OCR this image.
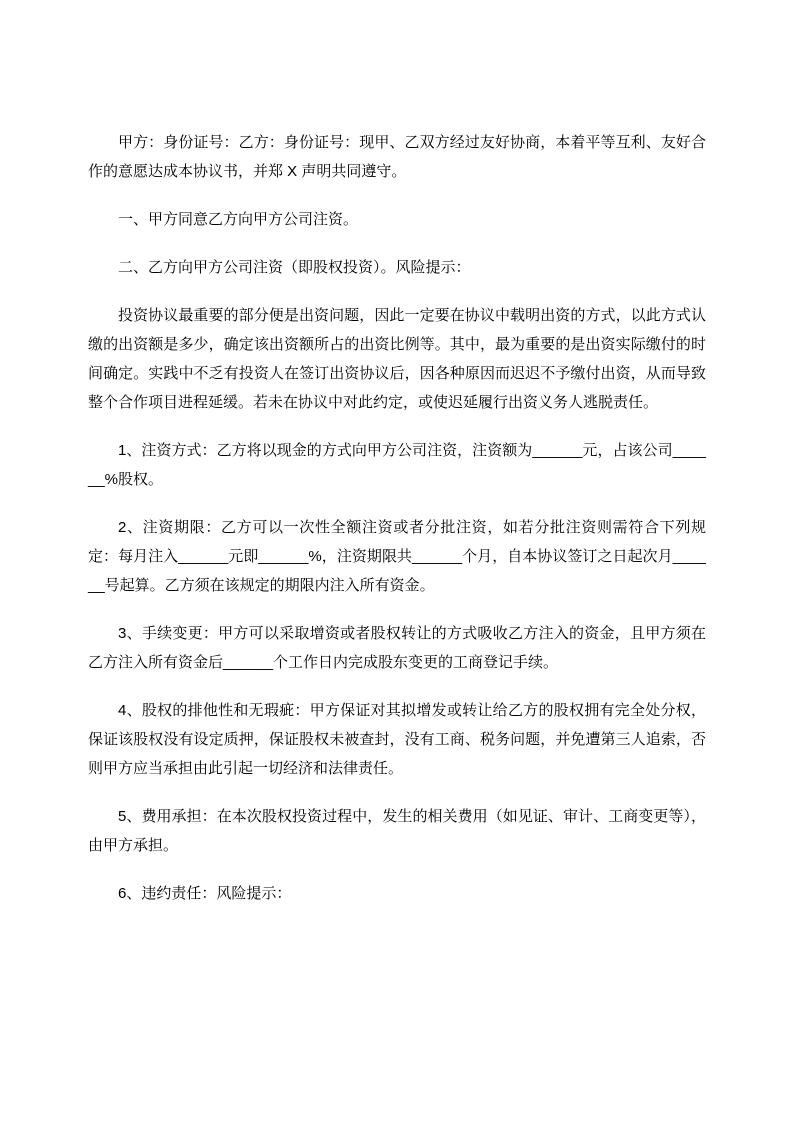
甲方：身份证号：乙方：身份证号：现甲、乙双方经过友好协商，本着平等互利、友好合作的意愿达成本协议书，并郑 X 声明共同遵守。

一、甲方同意乙方向甲方公司注资。

二、乙方向甲方公司注资（即股权投资）。风险提示：

投资协议最重要的部分便是出资问题，因此一定要在协议中载明出资的方式，以此方式认缴的出资额是多少，确定该出资额所占的出资比例等。其中，最为重要的是出资实际缴付的时间确定。实践中不乏有投资人在签订出资协议后，因各种原因而迟迟不予缴付出资，从而导致整个合作项目进程延缓。若未在协议中对此约定，或使迟延履行出资义务人逃脱责任。

1、注资方式：乙方将以现金的方式向甲方公司注资，注资额为______元，占该公司______%股权。

2、注资期限：乙方可以一次性全额注资或者分批注资，如若分批注资则需符合下列规定：每月注入______元即______%，注资期限共______个月，自本协议签订之日起次月______号起算。乙方须在该规定的期限内注入所有资金。

3、手续变更：甲方可以采取增资或者股权转让的方式吸收乙方注入的资金，且甲方须在乙方注入所有资金后______个工作日内完成股东变更的工商登记手续。

4、股权的排他性和无瑕疵：甲方保证对其拟增发或转让给乙方的股权拥有完全处分权，保证该股权没有设定质押，保证股权未被查封，没有工商、税务问题，并免遭第三人追索，否则甲方应当承担由此引起一切经济和法律责任。

5、费用承担：在本次股权投资过程中，发生的相关费用（如见证、审计、工商变更等），由甲方承担。

6、违约责任：风险提示：
